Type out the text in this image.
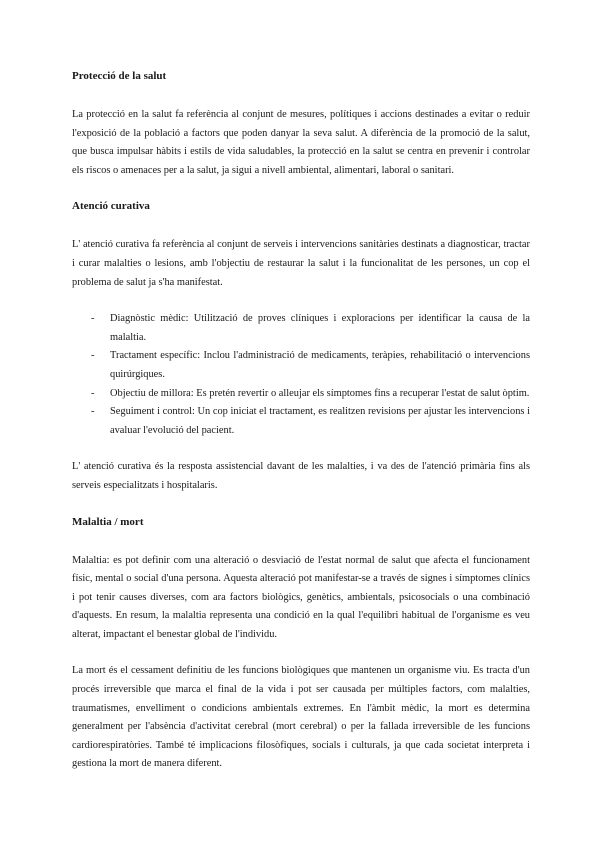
Protecció de la salut

La protecció en la salut fa referència al conjunt de mesures, polítiques i accions destinades a evitar o reduir l'exposició de la població a factors que poden danyar la seva salut. A diferència de la promoció de la salut, que busca impulsar hàbits i estils de vida saludables, la protecció en la salut se centra en prevenir i controlar els riscos o amenaces per a la salut, ja sigui a nivell ambiental, alimentari, laboral o sanitari.

Atenció curativa

L' atenció curativa fa referència al conjunt de serveis i intervencions sanitàries destinats a diagnosticar, tractar i curar malalties o lesions, amb l'objectiu de restaurar la salut i la funcionalitat de les persones, un cop el problema de salut ja s'ha manifestat.

- Diagnòstic mèdic: Utilització de proves clíniques i exploracions per identificar la causa de la malaltia.
- Tractament específic: Inclou l'administració de medicaments, teràpies, rehabilitació o intervencions quirúrgiques.
- Objectiu de millora: Es pretén revertir o alleujar els símptomes fins a recuperar l'estat de salut òptim.
- Seguiment i control: Un cop iniciat el tractament, es realitzen revisions per ajustar les intervencions i avaluar l'evolució del pacient.

L' atenció curativa és la resposta assistencial davant de les malalties, i va des de l'atenció primària fins als serveis especialitzats i hospitalaris.

Malaltia / mort

Malaltia: es pot definir com una alteració o desviació de l'estat normal de salut que afecta el funcionament físic, mental o social d'una persona. Aquesta alteració pot manifestar-se a través de signes i símptomes clínics i pot tenir causes diverses, com ara factors biològics, genètics, ambientals, psicosocials o una combinació d'aquests. En resum, la malaltia representa una condició en la qual l'equilibri habitual de l'organisme es veu alterat, impactant el benestar global de l'individu.

La mort és el cessament definitiu de les funcions biològiques que mantenen un organisme viu. Es tracta d'un procés irreversible que marca el final de la vida i pot ser causada per múltiples factors, com malalties, traumatismes, envelliment o condicions ambientals extremes. En l'àmbit mèdic, la mort es determina generalment per l'absència d'activitat cerebral (mort cerebral) o per la fallada irreversible de les funcions cardiorespiratòries. També té implicacions filosòfiques, socials i culturals, ja que cada societat interpreta i gestiona la mort de manera diferent.
